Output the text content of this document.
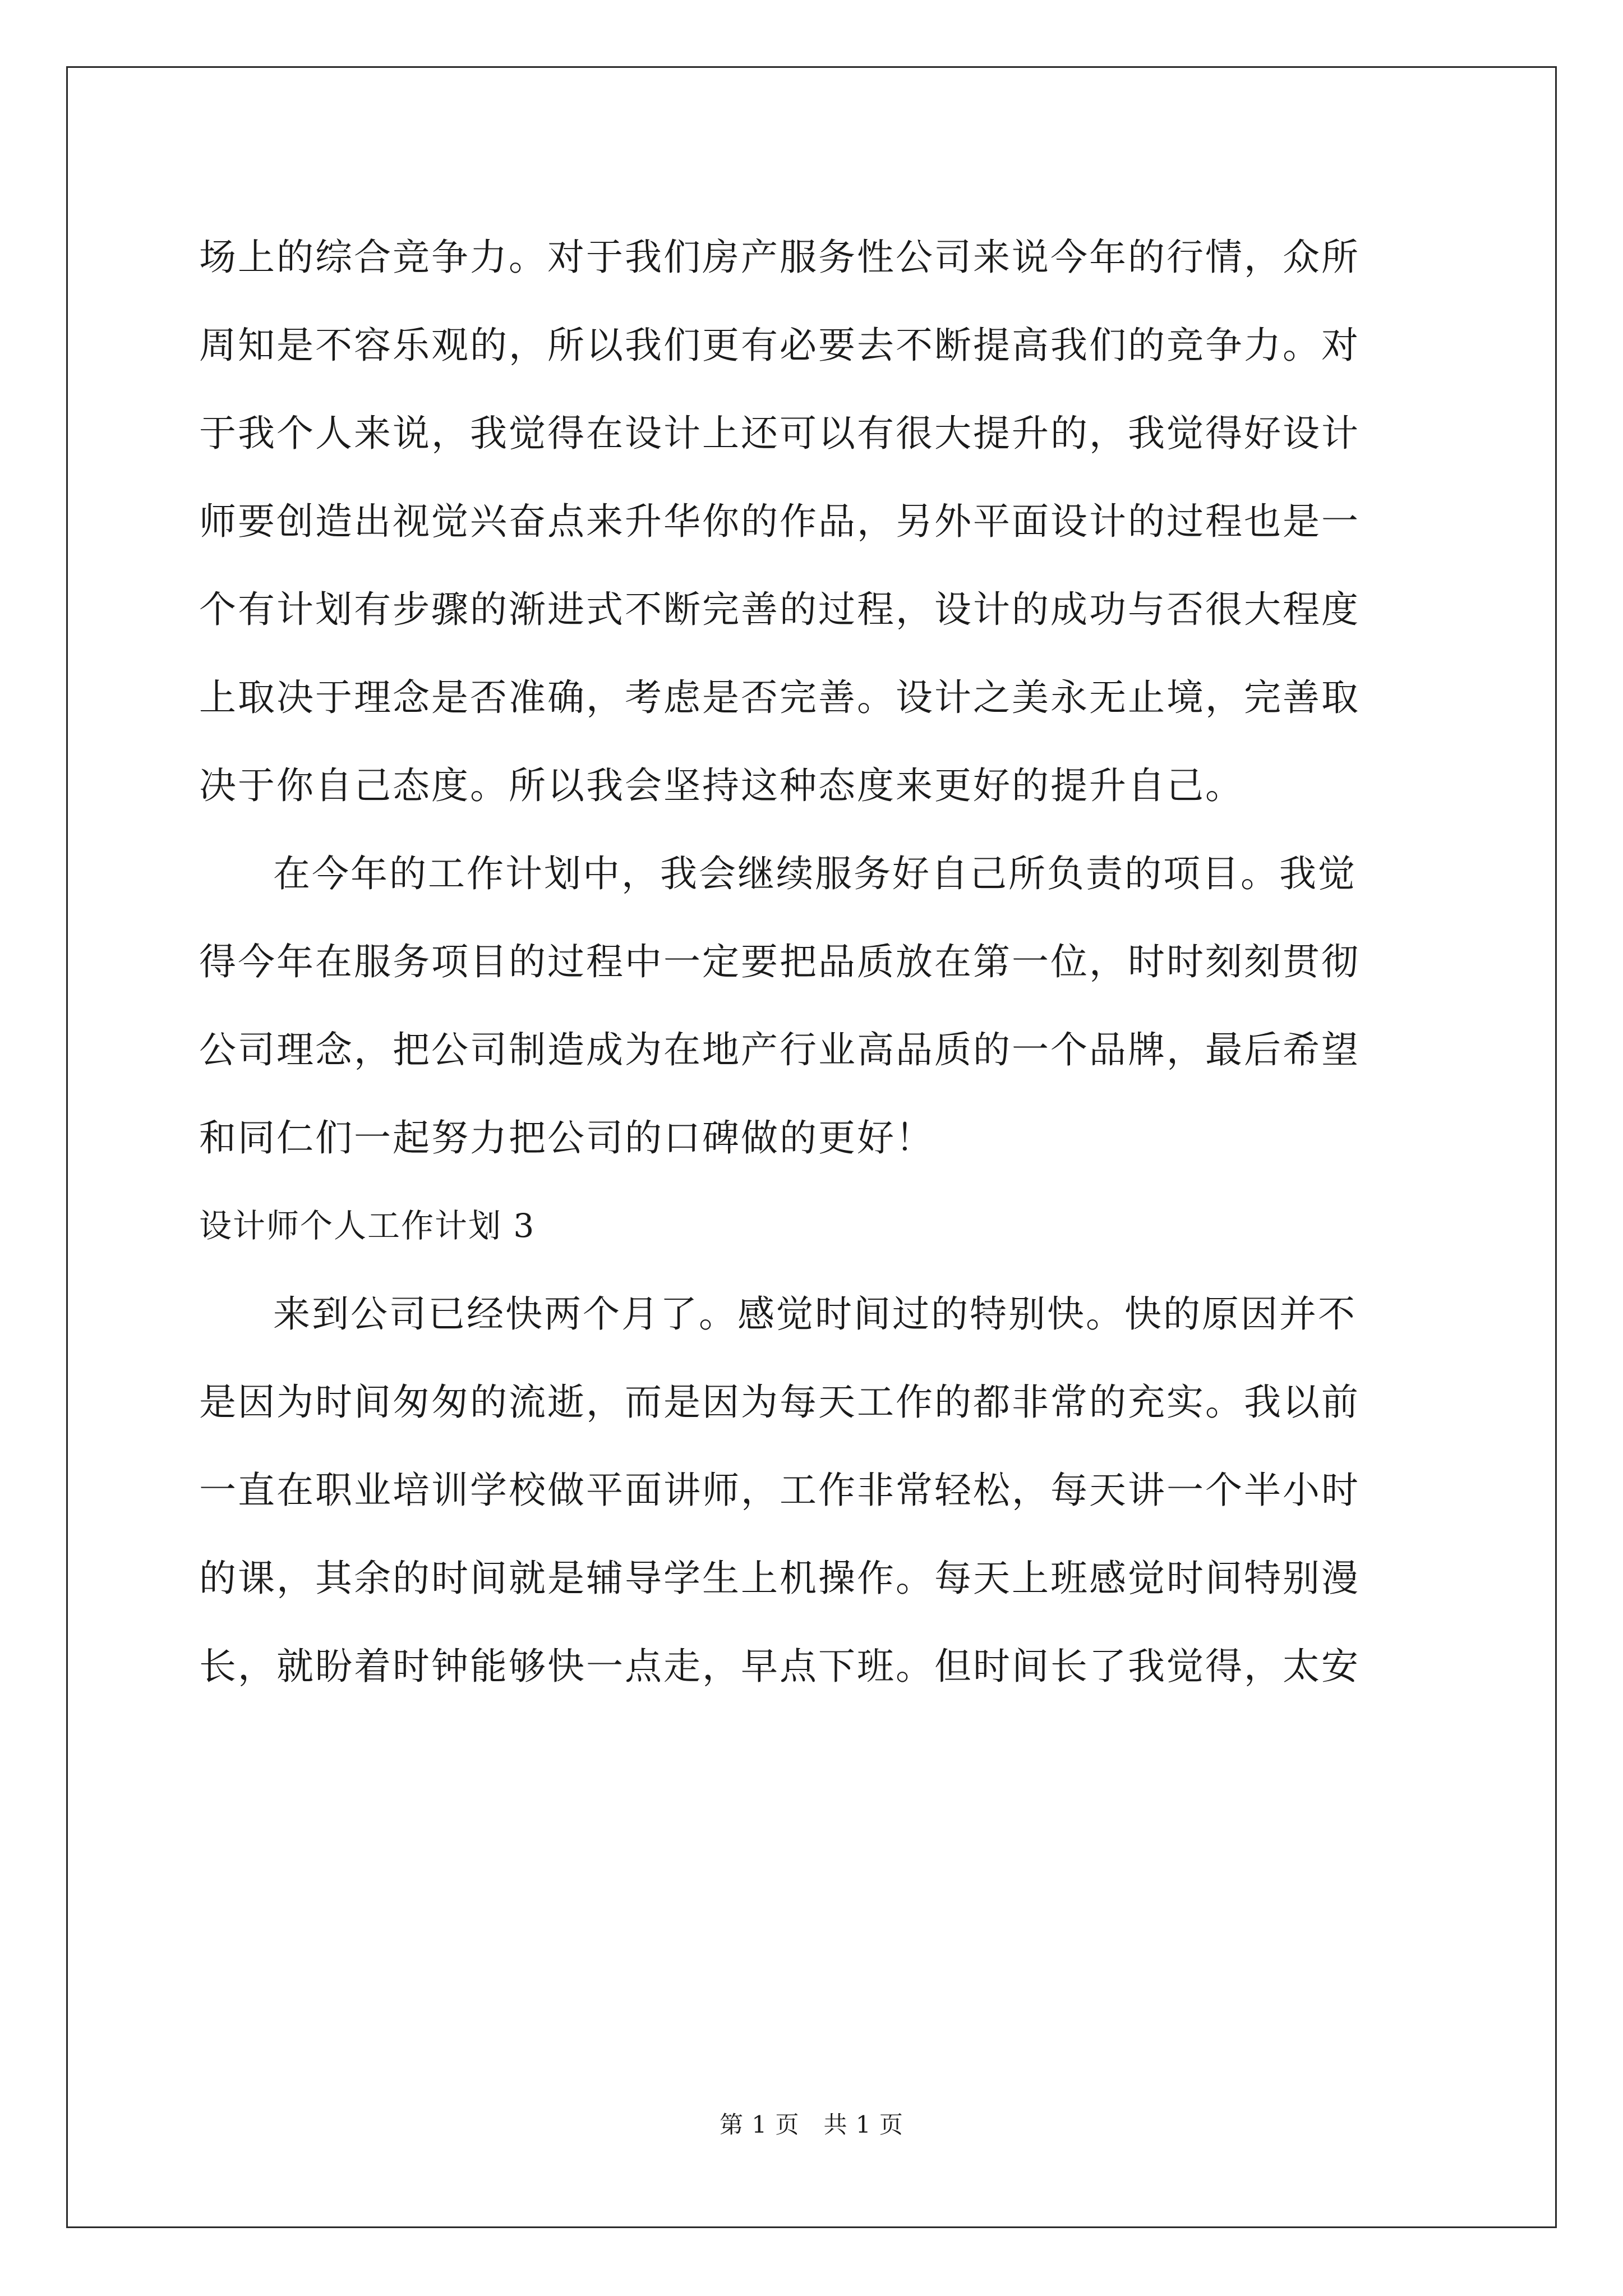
场上的综合竞争力。对于我们房产服务性公司来说今年的行情，众所
周知是不容乐观的，所以我们更有必要去不断提高我们的竞争力。对
于我个人来说，我觉得在设计上还可以有很大提升的，我觉得好设计
师要创造出视觉兴奋点来升华你的作品，另外平面设计的过程也是一
个有计划有步骤的渐进式不断完善的过程，设计的成功与否很大程度
上取决于理念是否准确，考虑是否完善。设计之美永无止境，完善取
决于你自己态度。所以我会坚持这种态度来更好的提升自己。
在今年的工作计划中，我会继续服务好自己所负责的项目。我觉
得今年在服务项目的过程中一定要把品质放在第一位，时时刻刻贯彻
公司理念，把公司制造成为在地产行业高品质的一个品牌，最后希望
和同仁们一起努力把公司的口碑做的更好！
设计师个人工作计划 3
来到公司已经快两个月了。感觉时间过的特别快。快的原因并不
是因为时间匆匆的流逝，而是因为每天工作的都非常的充实。我以前
一直在职业培训学校做平面讲师，工作非常轻松，每天讲一个半小时
的课，其余的时间就是辅导学生上机操作。每天上班感觉时间特别漫
长，就盼着时钟能够快一点走，早点下班。但时间长了我觉得，太安
第 1 页　共 1 页
